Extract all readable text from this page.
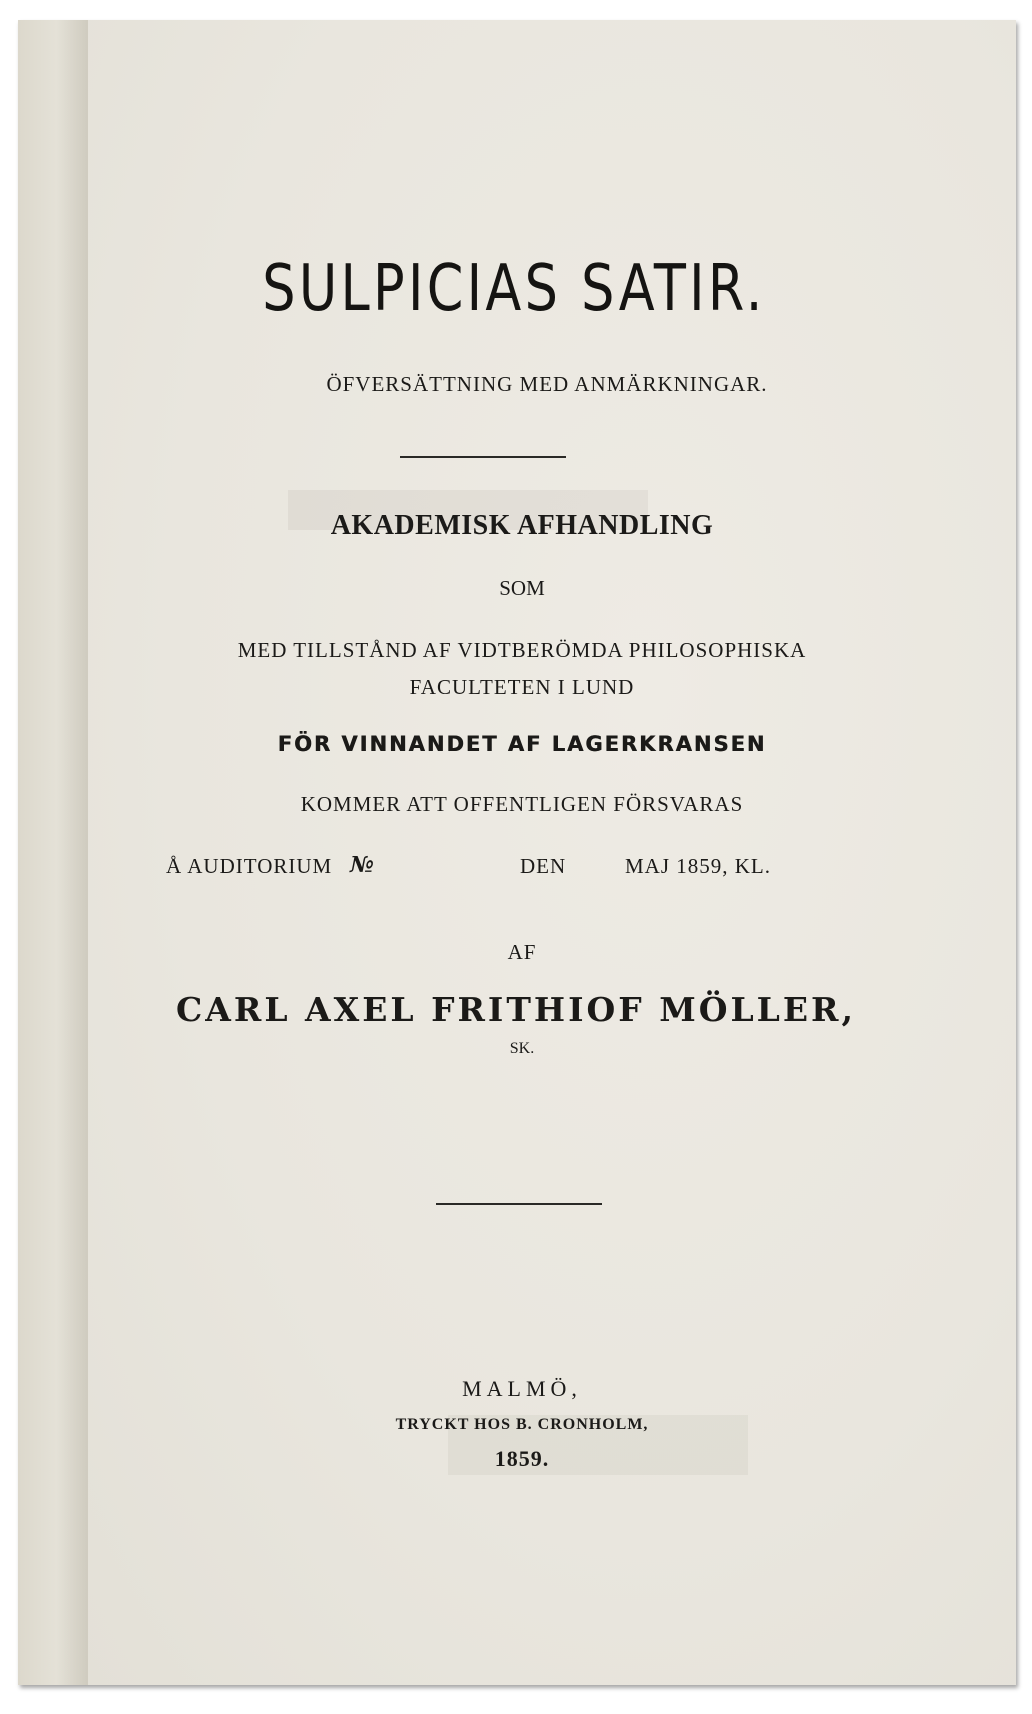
SULPICIAS SATIR.
ÖFVERSÄTTNING MED ANMÄRKNINGAR.
AKADEMISK AFHANDLING
SOM
MED TILLSTÅND AF VIDTBERÖMDA PHILOSOPHISKA
FACULTETEN I LUND
FÖR VINNANDET AF LAGERKRANSEN
KOMMER ATT OFFENTLIGEN FÖRSVARAS
Å AUDITORIUM №	DEN	MAJ 1859, KL.
AF
CARL AXEL FRITHIOF MÖLLER,
SK.
MALMÖ,
TRYCKT HOS B. CRONHOLM,
1859.
